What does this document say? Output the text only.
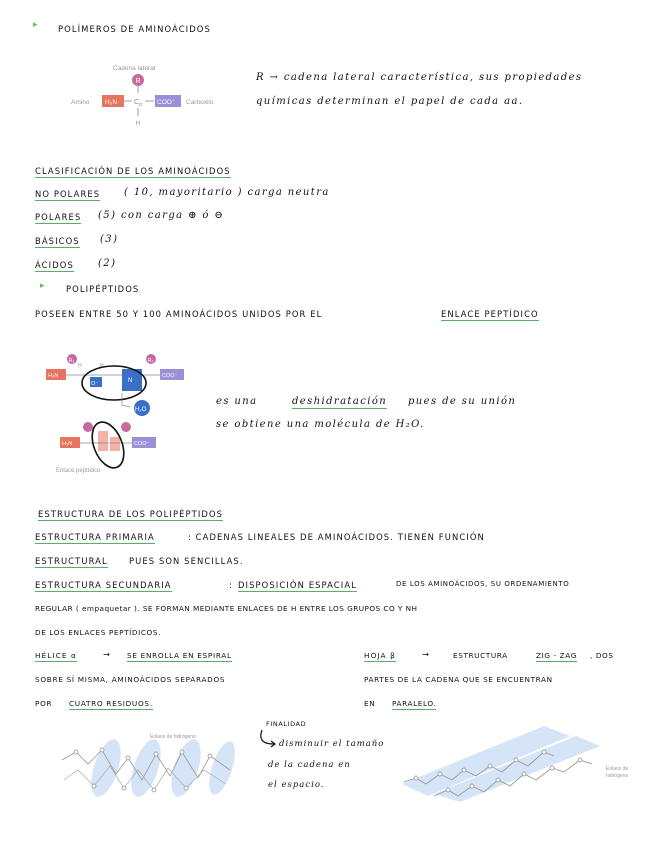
▸ POLÍMEROS DE AMINOÁCIDOS
Cadena lateral
R
Amino H₃N C α COO⁻ Carboxilo
H
R → cadena lateral característica, sus propiedades
químicas determinan el papel de cada aa.
CLASIFICACIÓN DE LOS AMINOÁCIDOS
NO POLARES ( 10, mayoritario ) carga neutra
POLARES (5) con carga ⊕ ó ⊖
BÁSICOS (3)
ÁCIDOS (2)
▸	POLIPÉPTIDOS
POSEEN ENTRE 50 Y 100 AMINOÁCIDOS UNIDOS POR EL	ENLACE PEPTÍDICO
R₁
H₃N
H	H
O⁻	N
R₂
COO⁻
H₂O
H₃N	COO⁻
Enlace peptídico
es una	deshidratación pues de su unión
se obtiene una molécula de H₂O.
ESTRUCTURA DE LOS POLIPÉPTIDOS
ESTRUCTURA PRIMARIA	: CADENAS LINEALES DE AMINOÁCIDOS. TIENEN FUNCIÓN
ESTRUCTURAL	PUES SON SENCILLAS.
ESTRUCTURA SECUNDARIA	: DISPOSICIÓN ESPACIAL	DE LOS AMINOÁCIDOS, SU ORDENAMIENTO
REGULAR ( empaquetar ). SE FORMAN MEDIANTE ENLACES DE H ENTRE LOS GRUPOS CO Y NH
DE LOS ENLACES PEPTÍDICOS.
HÉLICE α	→ SE ENROLLA EN ESPIRAL
SOBRE SÍ MISMA, AMINOÁCIDOS SEPARADOS
POR CUATRO RESIDUOS.
HOJA β	→	ESTRUCTURA	ZIG - ZAG , DOS
PARTES DE LA CADENA QUE SE ENCUENTRAN
EN PARALELO.
FINALIDAD
disminuir el tamaño
de la cadena en
el espacio.
Enlace de hidrógeno
Enlace de
hidrógeno
